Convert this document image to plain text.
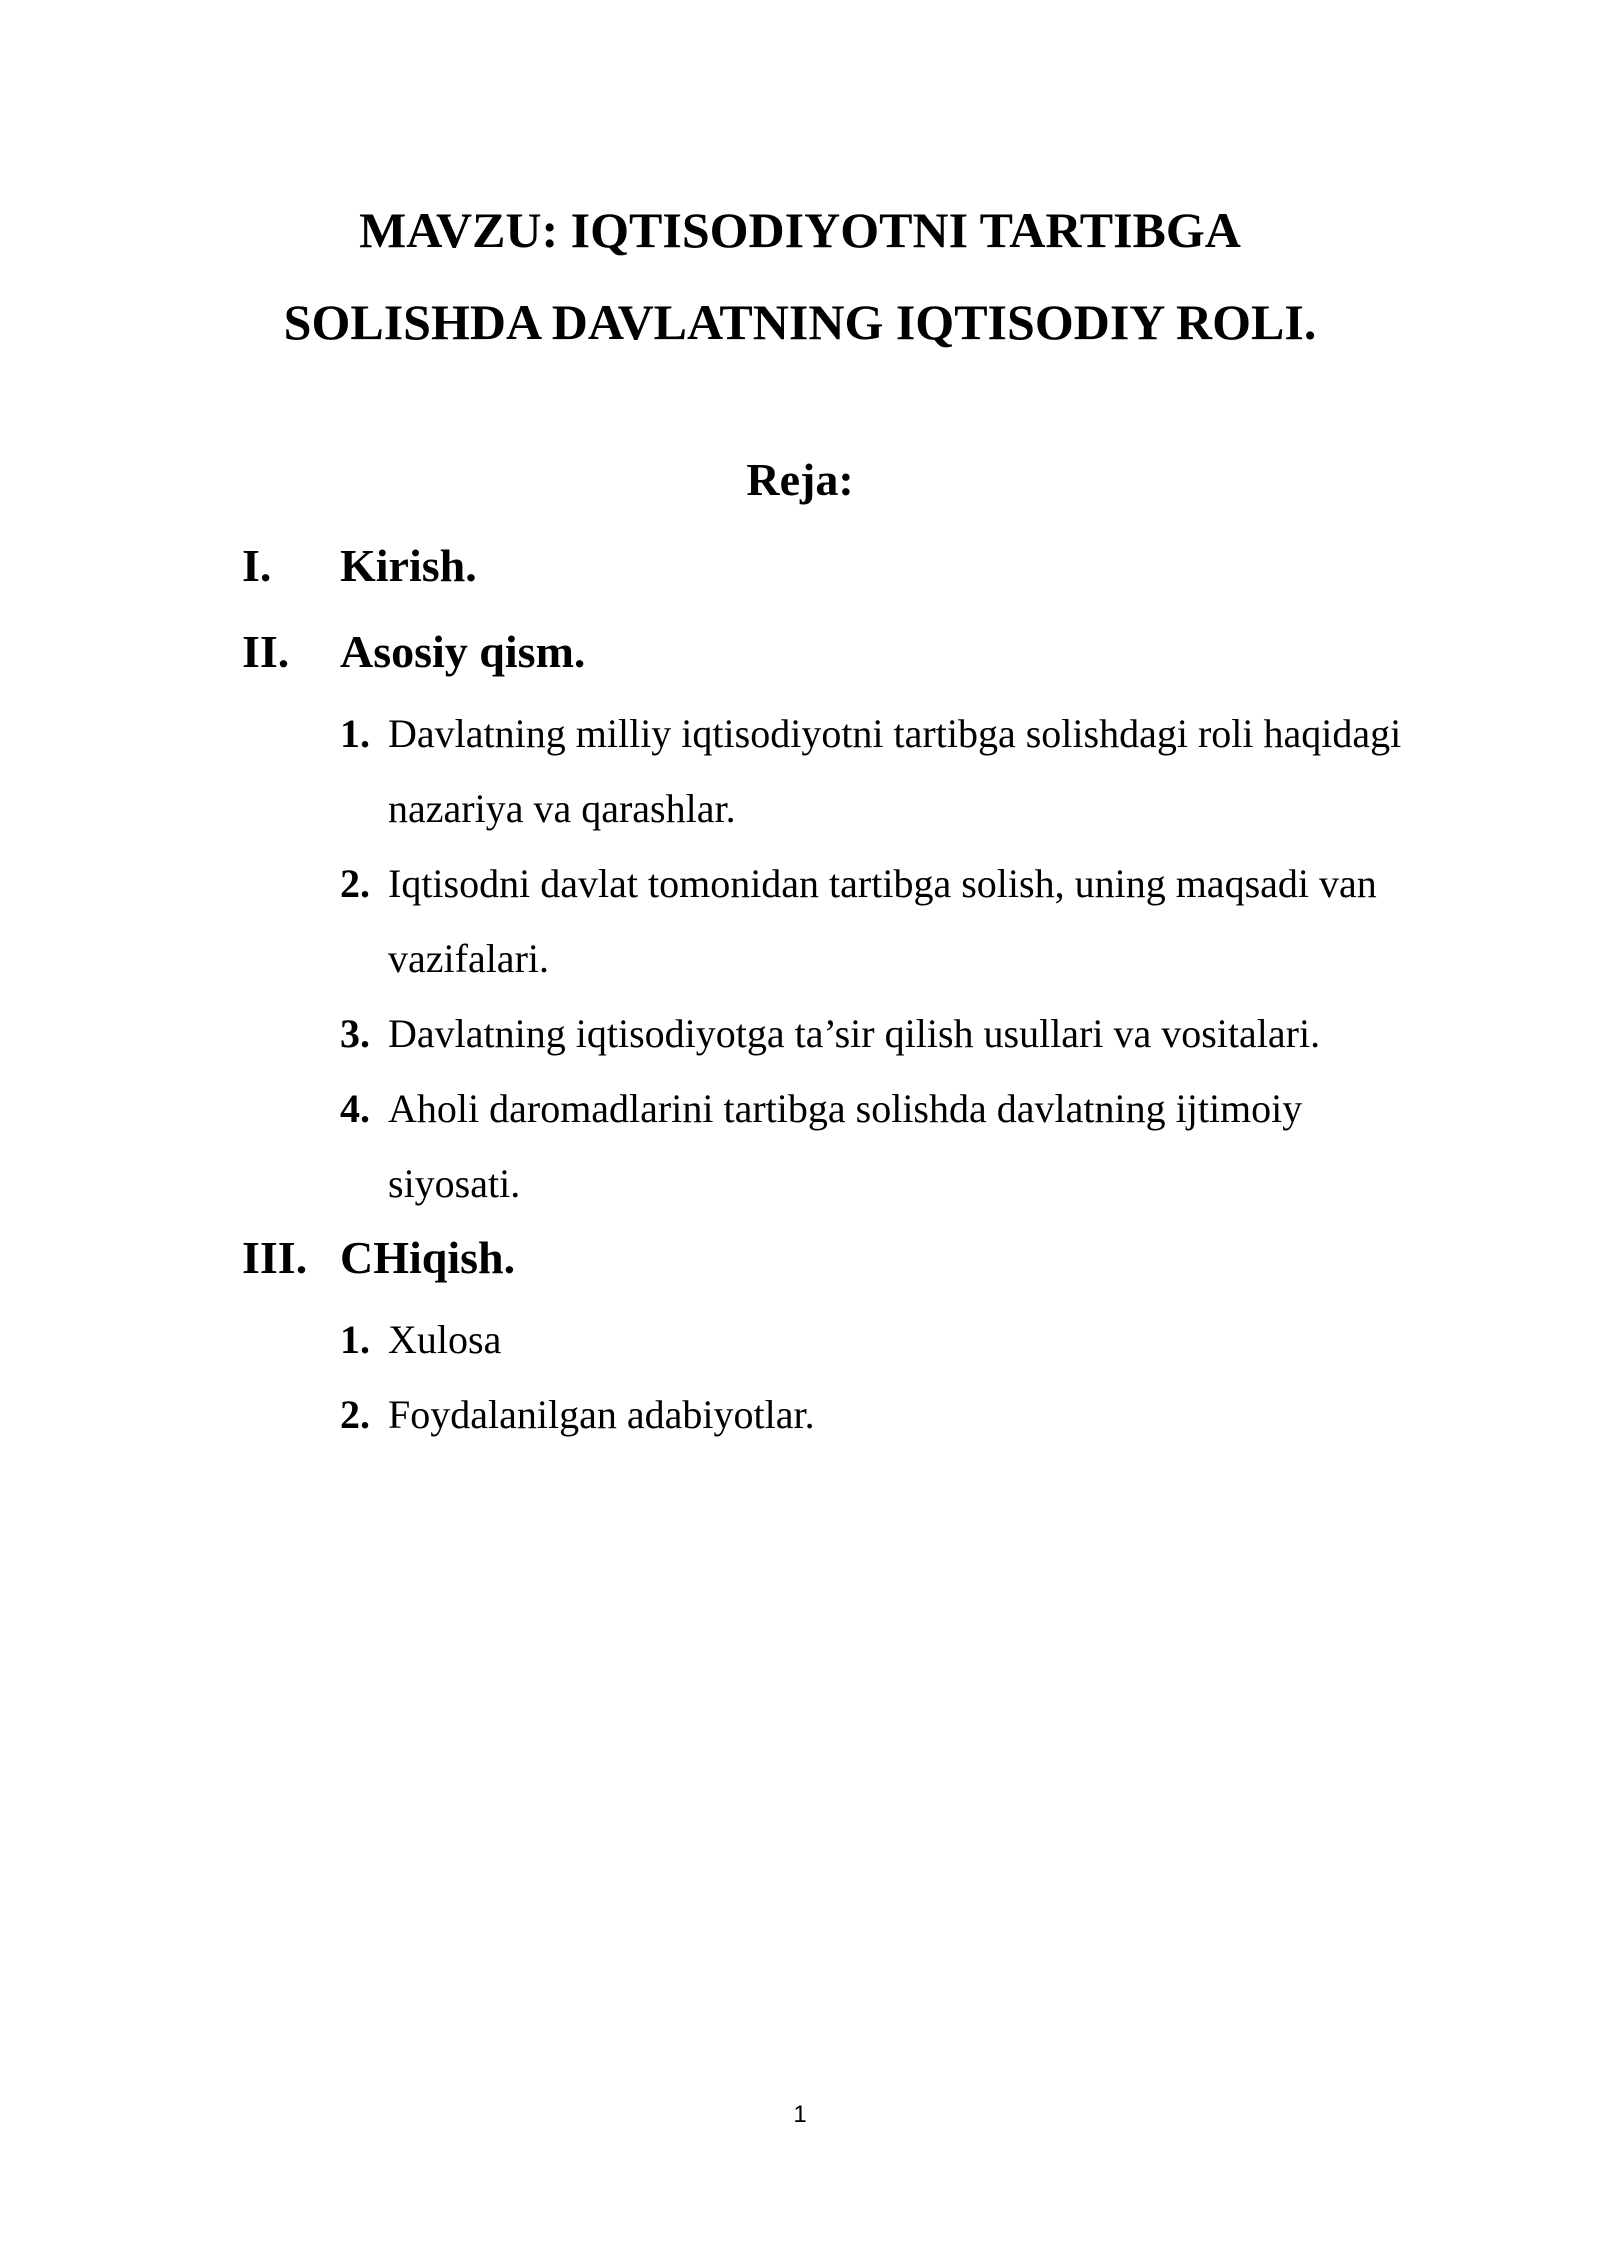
MAVZU: IQTISODIYOTNI TARTIBGA
SOLISHDA DAVLATNING IQTISODIY ROLI.
Reja:
I. Kirish.
II. Asosiy qism.
1. Davlatning milliy iqtisodiyotni tartibga solishdagi roli haqidagi nazariya va qarashlar.
2. Iqtisodni davlat tomonidan tartibga solish, uning maqsadi van vazifalari.
3. Davlatning iqtisodiyotga ta’sir qilish usullari va vositalari.
4. Aholi daromadlarini tartibga solishda davlatning ijtimoiy siyosati.
III. CHiqish.
1. Xulosa
2. Foydalanilgan adabiyotlar.
1
